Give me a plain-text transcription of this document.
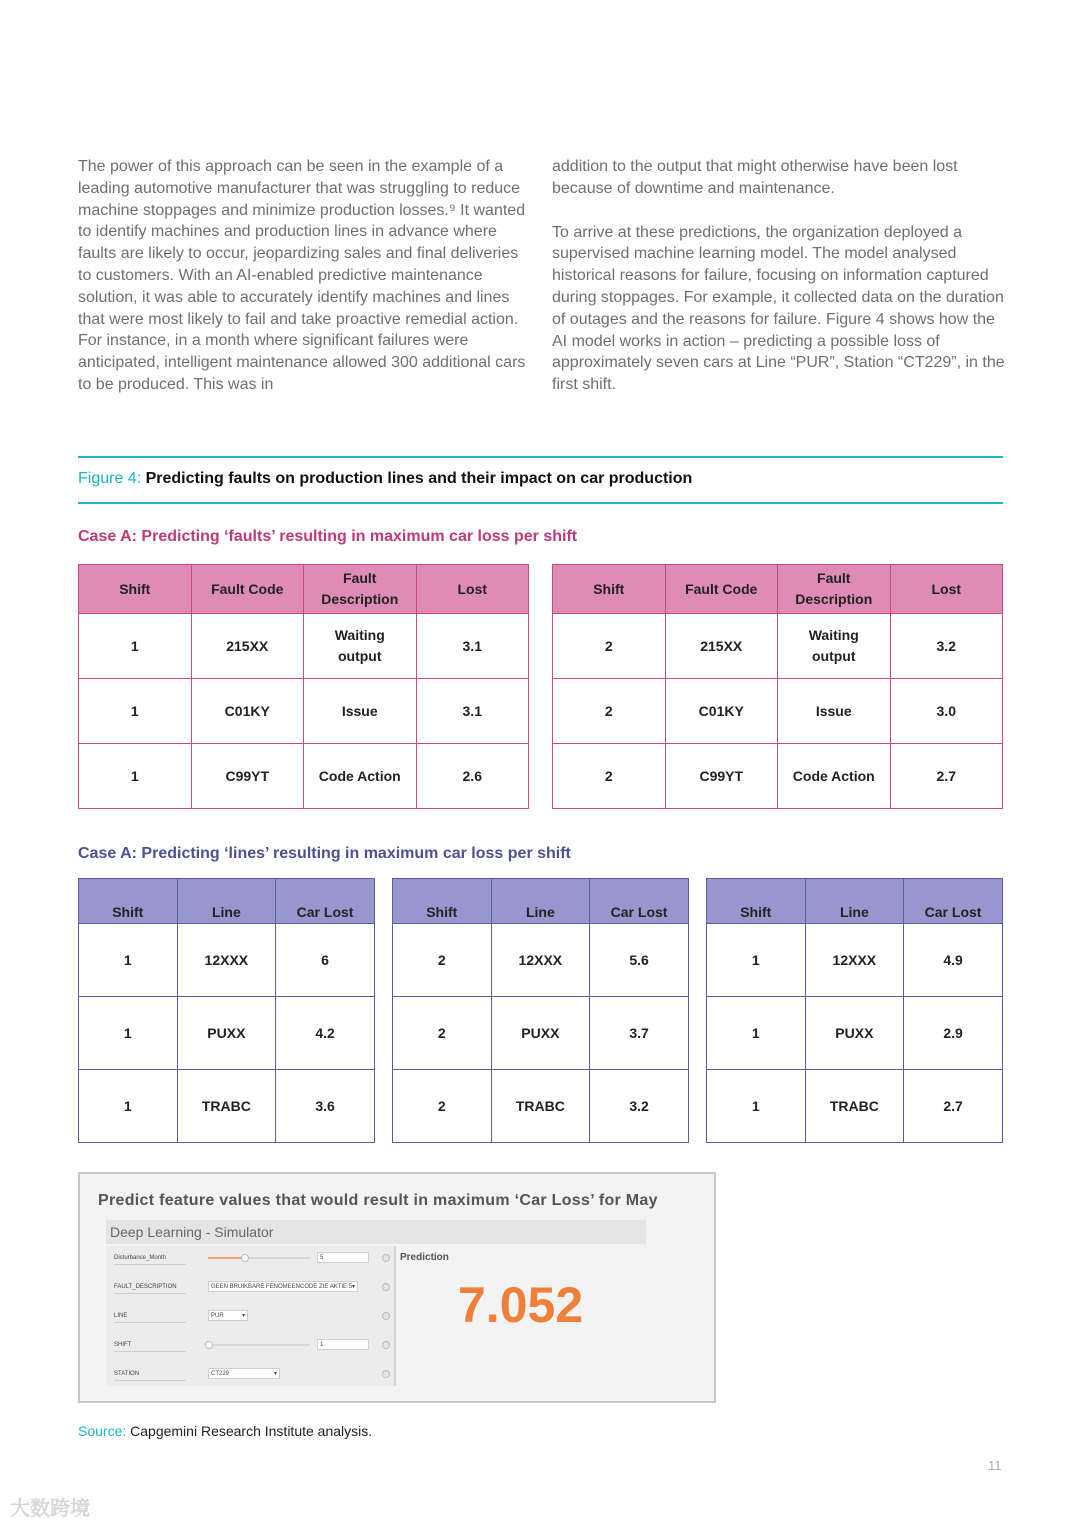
The power of this approach can be seen in the example of a leading automotive manufacturer that was struggling to reduce machine stoppages and minimize production losses.⁹ It wanted to identify machines and production lines in advance where faults are likely to occur, jeopardizing sales and final deliveries to customers. With an AI-enabled predictive maintenance solution, it was able to accurately identify machines and lines that were most likely to fail and take proactive remedial action. For instance, in a month where significant failures were anticipated, intelligent maintenance allowed 300 additional cars to be produced. This was in

addition to the output that might otherwise have been lost because of downtime and maintenance.

To arrive at these predictions, the organization deployed a supervised machine learning model. The model analysed historical reasons for failure, focusing on information captured during stoppages. For example, it collected data on the duration of outages and the reasons for failure. Figure 4 shows how the AI model works in action – predicting a possible loss of approximately seven cars at Line “PUR”, Station “CT229”, in the first shift.

Figure 4: Predicting faults on production lines and their impact on car production
Case A: Predicting ‘faults’ resulting in maximum car loss per shift
Shift	Fault Code	Fault Description	Lost
1	215XX	Waiting output	3.1
1	C01KY	Issue	3.1
1	C99YT	Code Action	2.6
Shift	Fault Code	Fault Description	Lost
2	215XX	Waiting output	3.2
2	C01KY	Issue	3.0
2	C99YT	Code Action	2.7
Case A: Predicting ‘lines’ resulting in maximum car loss per shift
Shift	Line	Car Lost
1	12XXX	6
1	PUXX	4.2
1	TRABC	3.6
Shift	Line	Car Lost
2	12XXX	5.6
2	PUXX	3.7
2	TRABC	3.2
Shift	Line	Car Lost
1	12XXX	4.9
1	PUXX	2.9
1	TRABC	2.7
Predict feature values that would result in maximum ‘Car Loss’ for May
Deep Learning - Simulator
Disturbance_Month	5	ⓘ
FAULT_DESCRIPTION	GEEN BRUIKBARE FENOMEENCODE ZIE AKTIE 5 ▾	ⓘ
LINE	PUR	▾	ⓘ
SHIFT	1	ⓘ
STATION	CT229	▾	ⓘ
Prediction
7.052
Source: Capgemini Research Institute analysis.
11
大数跨境
